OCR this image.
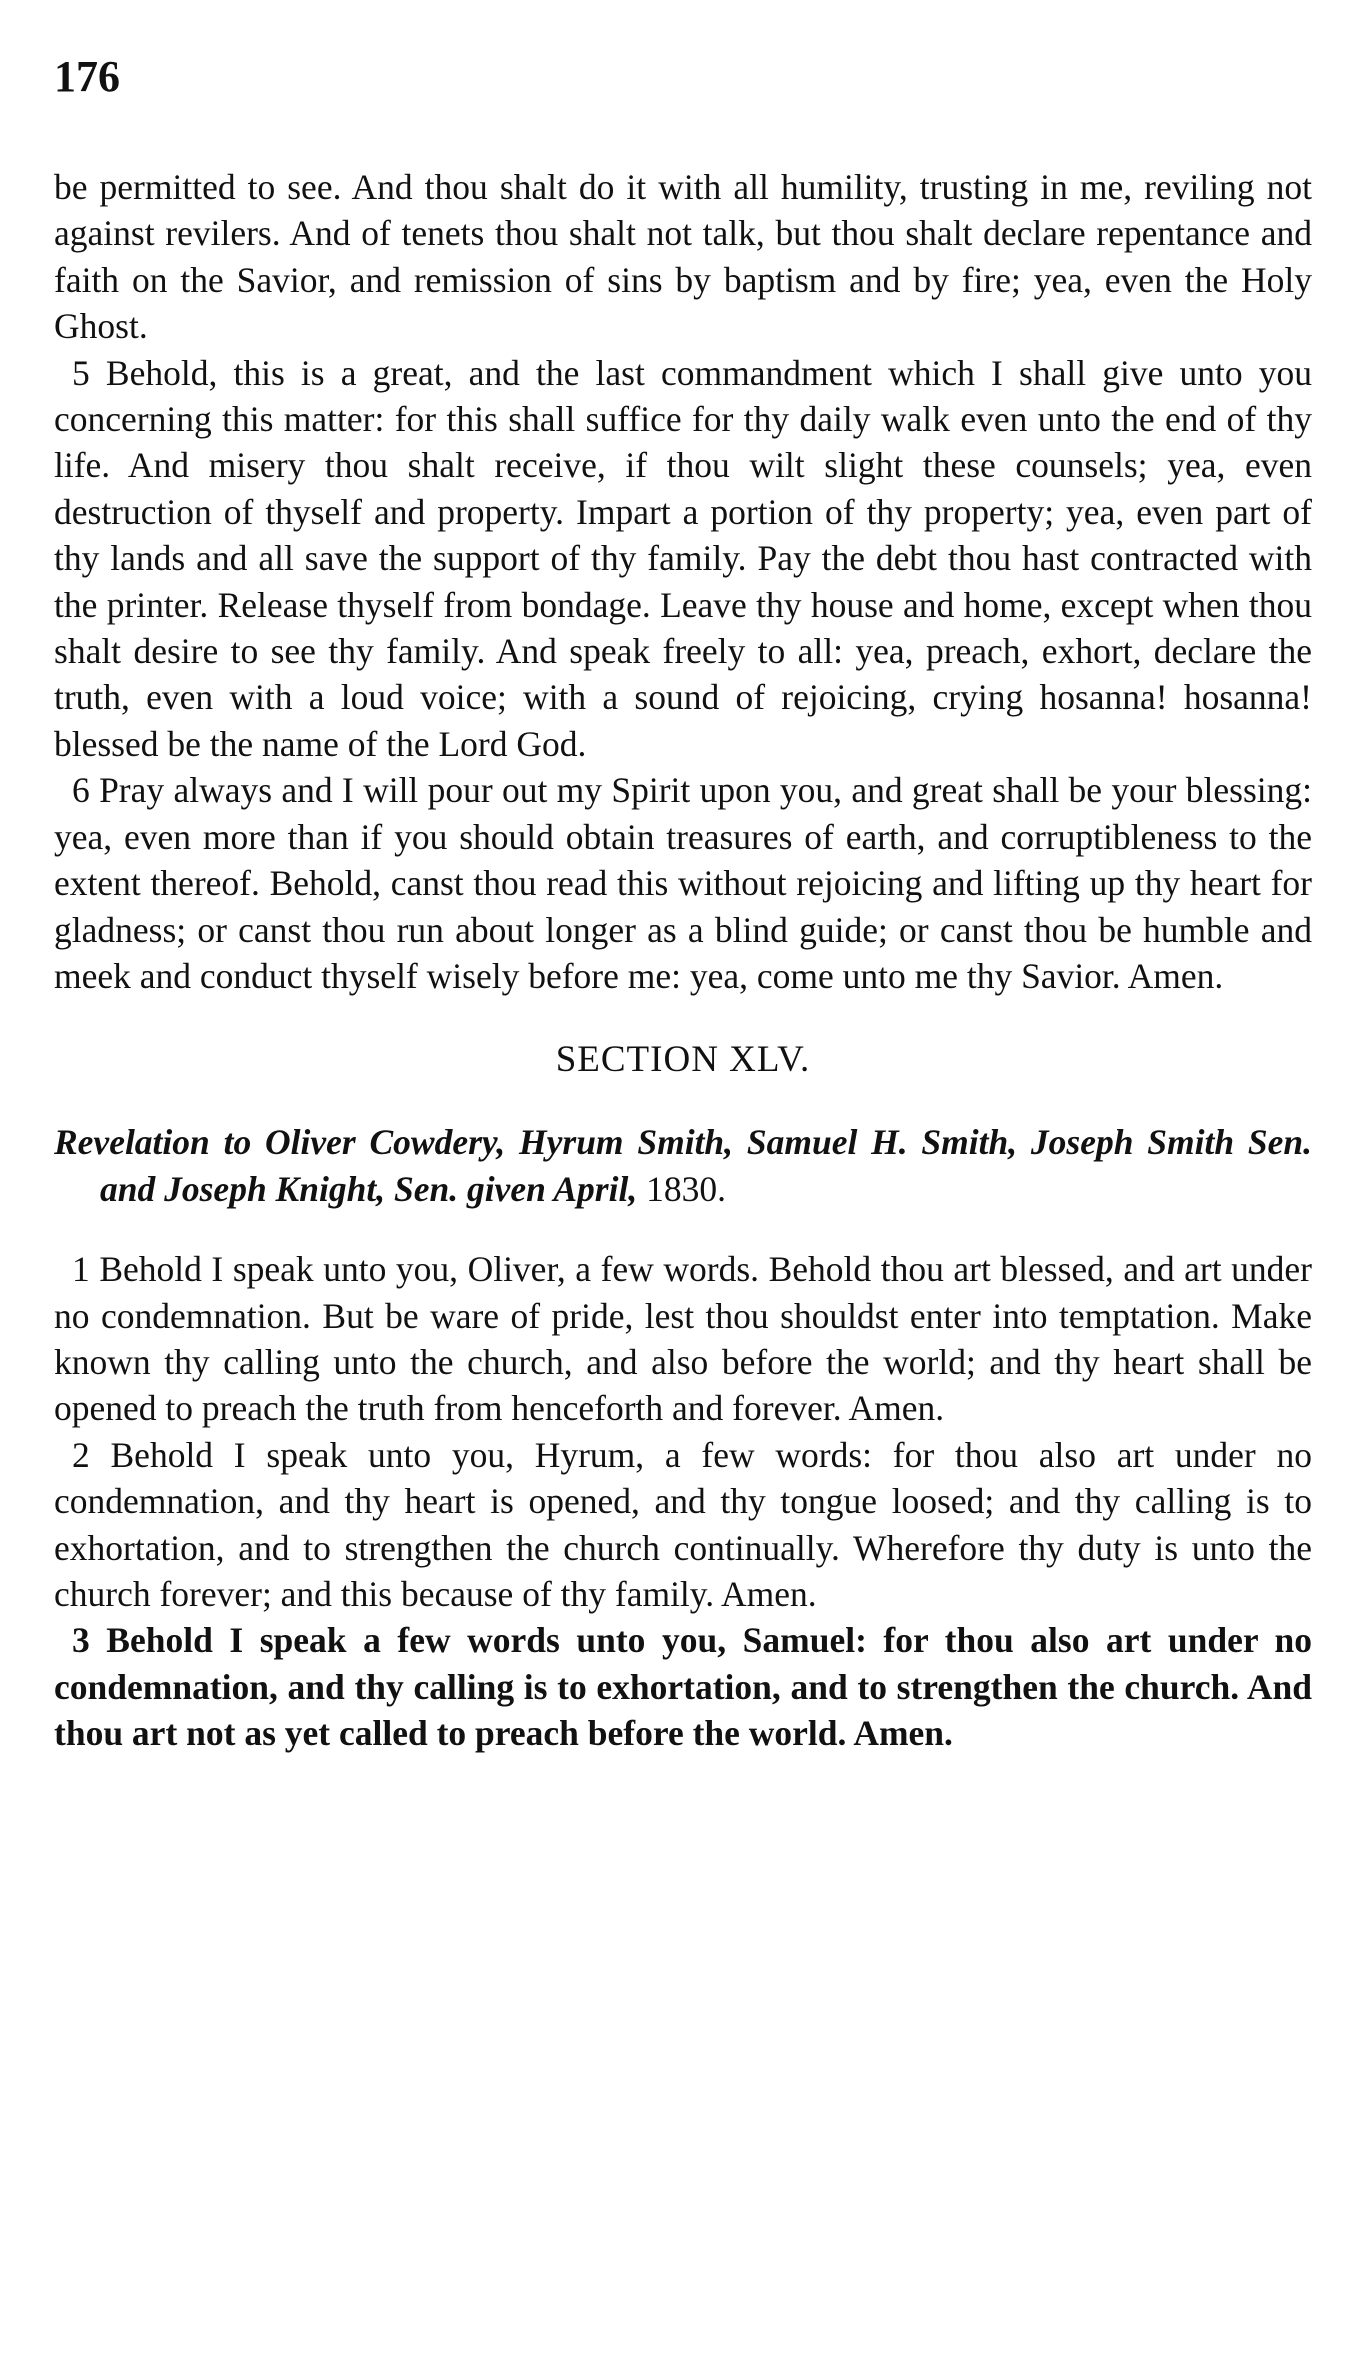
176

be permitted to see. And thou shalt do it with all humility, trusting in me, reviling not against revilers. And of tenets thou shalt not talk, but thou shalt declare repentance and faith on the Savior, and remission of sins by baptism and by fire; yea, even the Holy Ghost.

5 Behold, this is a great, and the last commandment which I shall give unto you concerning this matter: for this shall suffice for thy daily walk even unto the end of thy life. And misery thou shalt receive, if thou wilt slight these counsels; yea, even destruction of thyself and property. Impart a portion of thy property; yea, even part of thy lands and all save the support of thy family. Pay the debt thou hast contracted with the printer. Release thyself from bondage. Leave thy house and home, except when thou shalt desire to see thy family. And speak freely to all: yea, preach, exhort, declare the truth, even with a loud voice; with a sound of rejoicing, crying hosanna! hosanna! blessed be the name of the Lord God.

6 Pray always and I will pour out my Spirit upon you, and great shall be your blessing: yea, even more than if you should obtain treasures of earth, and corruptibleness to the extent thereof. Behold, canst thou read this without rejoicing and lifting up thy heart for gladness; or canst thou run about longer as a blind guide; or canst thou be humble and meek and conduct thyself wisely before me: yea, come unto me thy Savior. Amen.

SECTION XLV.
Revelation to Oliver Cowdery, Hyrum Smith, Samuel H. Smith, Joseph Smith Sen. and Joseph Knight, Sen. given April, 1830.

1 Behold I speak unto you, Oliver, a few words. Behold thou art blessed, and art under no condemnation. But be ware of pride, lest thou shouldst enter into temptation. Make known thy calling unto the church, and also before the world; and thy heart shall be opened to preach the truth from henceforth and forever. Amen.

2 Behold I speak unto you, Hyrum, a few words: for thou also art under no condemnation, and thy heart is opened, and thy tongue loosed; and thy calling is to exhortation, and to strengthen the church continually. Wherefore thy duty is unto the church forever; and this because of thy family. Amen.

3 Behold I speak a few words unto you, Samuel: for thou also art under no condemnation, and thy calling is to exhortation, and to strengthen the church. And thou art not as yet called to preach before the world. Amen.
